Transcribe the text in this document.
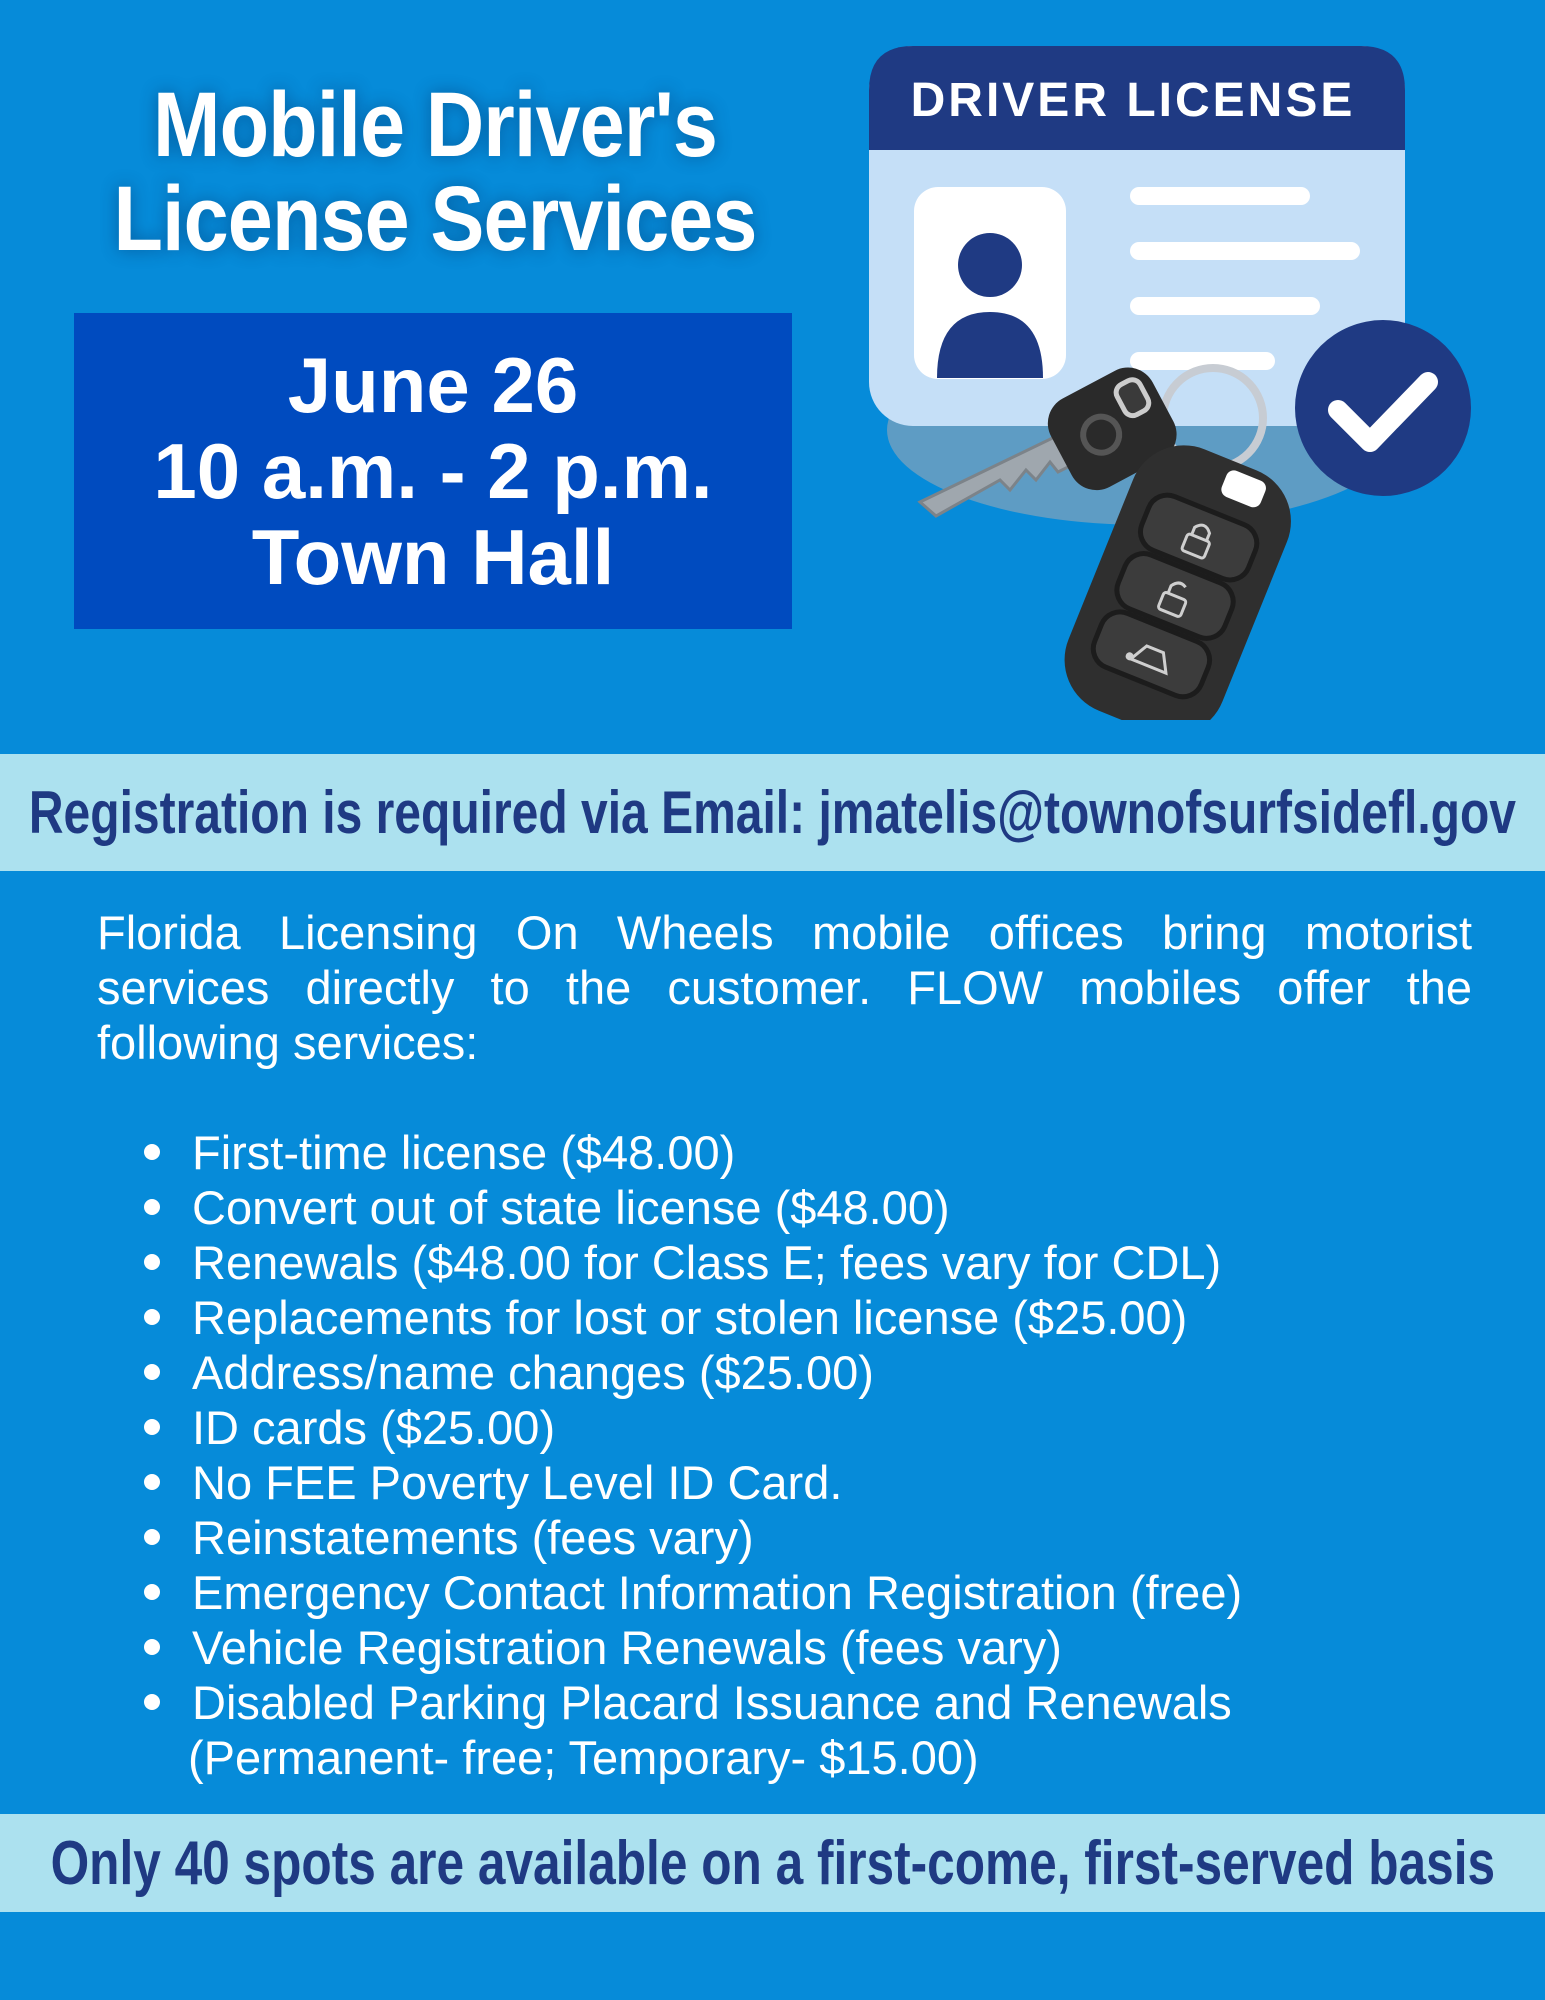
Mobile Driver's
License Services
June 26
10 a.m. - 2 p.m.
Town Hall
DRIVER LICENSE
Registration is required via Email: jmatelis@townofsurfsidefl.gov
Florida Licensing On Wheels mobile offices bring motorist services directly to the customer. FLOW mobiles offer the following services:
First-time license ($​48.00)
Convert out of state license ($​48.00)
Renewals ($​48.00 for Class E; fees vary for CDL)
Replacements for lost or stolen license ($​25.00)
Address/name changes ($​25.00)
ID cards ($​25.00)
No FEE Poverty Level ID Card.
Reinstatements (fees vary)
Emergency Contact Information Registration (free)
Vehicle Registration Renewals (fees vary)
Disabled Parking Placard Issuance and Renewals
(Permanent- free; Temporary- $​15.00)
Only 40 spots are available on a first-come, first-served basis
